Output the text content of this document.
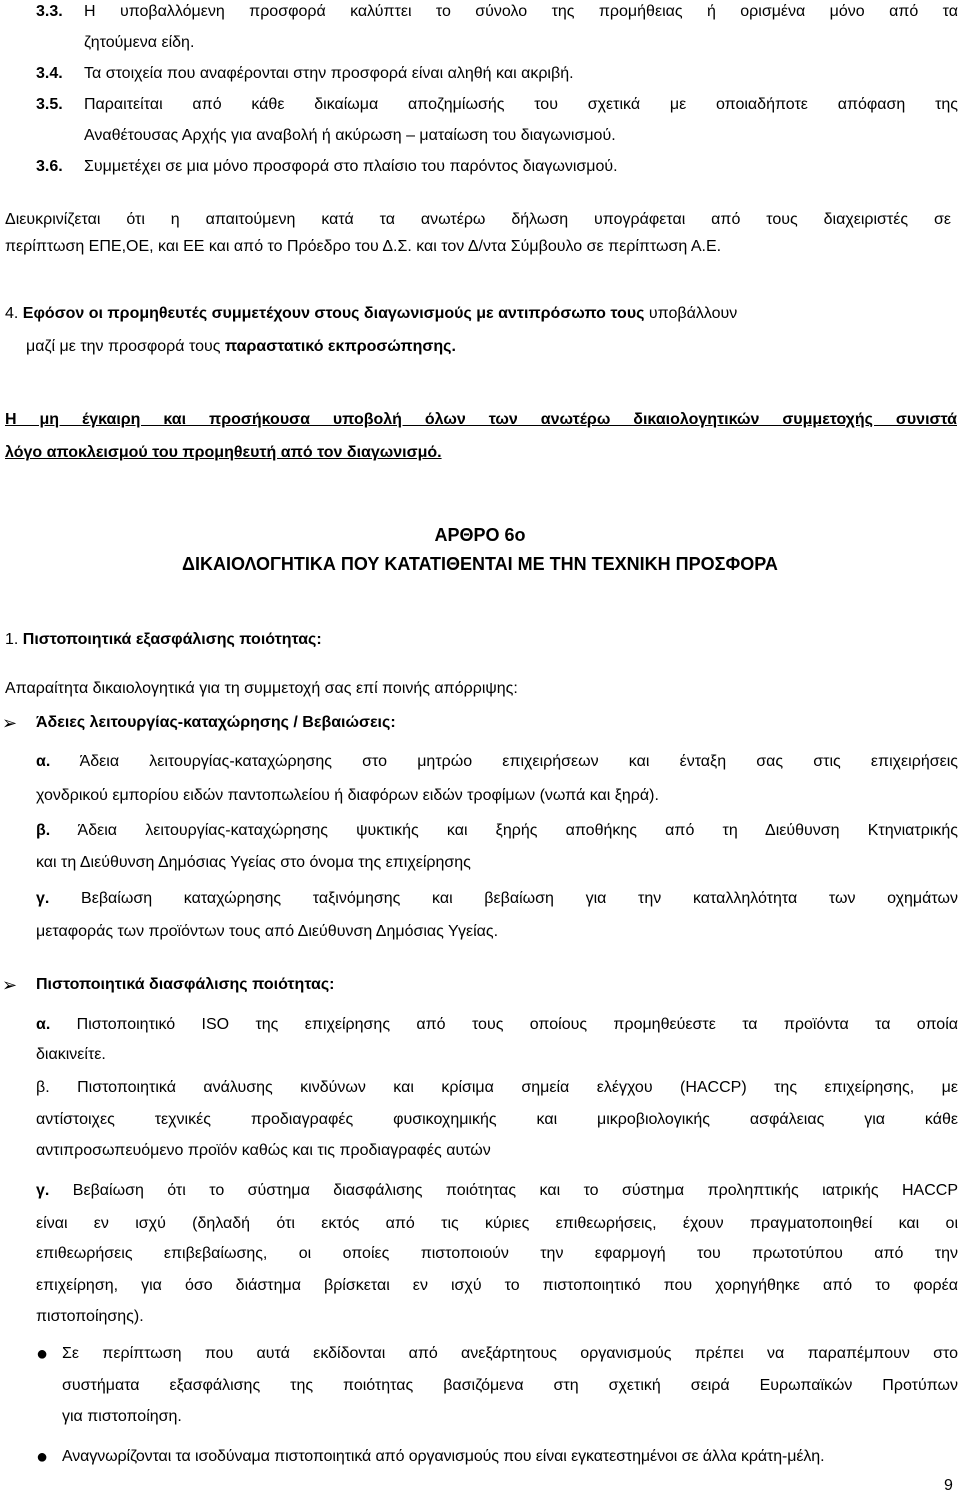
3.3. Η υποβαλλόμενη προσφορά καλύπτει το σύνολο της προμήθειας ή ορισμένα μόνο από τα
ζητούμενα είδη.
3.4. Τα στοιχεία που αναφέρονται στην προσφορά είναι αληθή και ακριβή.
3.5. Παραιτείται από κάθε δικαίωμα αποζημίωσής του σχετικά με οποιαδήποτε απόφαση της
Αναθέτουσας Αρχής για αναβολή ή ακύρωση – ματαίωση του διαγωνισμού.
3.6. Συμμετέχει σε μια μόνο προσφορά στο πλαίσιο του παρόντος διαγωνισμού.
Διευκρινίζεται ότι η απαιτούμενη κατά τα ανωτέρω δήλωση υπογράφεται από τους διαχειριστές σε
περίπτωση ΕΠΕ,ΟΕ, και ΕΕ και από το Πρόεδρο του Δ.Σ. και τον Δ/ντα Σύμβουλο σε περίπτωση Α.Ε.
4. Εφόσον οι προμηθευτές συμμετέχουν στους διαγωνισμούς με αντιπρόσωπο τους υποβάλλουν
μαζί με την προσφορά τους παραστατικό εκπροσώπησης.
Η μη έγκαιρη και προσήκουσα υποβολή όλων των ανωτέρω δικαιολογητικών συμμετοχής συνιστά
λόγο αποκλεισμού του προμηθευτή από τον διαγωνισμό.
ΑΡΘΡΟ 6ο
ΔΙΚΑΙΟΛΟΓΗΤΙΚΑ ΠΟΥ ΚΑΤΑΤΙΘΕΝΤΑΙ ΜΕ ΤΗΝ ΤΕΧΝΙΚΗ ΠΡΟΣΦΟΡΑ
1. Πιστοποιητικά εξασφάλισης ποιότητας:
Απαραίτητα δικαιολογητικά για τη συμμετοχή σας επί ποινής απόρριψης:
➢ Άδειες λειτουργίας-καταχώρησης / Βεβαιώσεις:
α. Άδεια λειτουργίας-καταχώρησης στο μητρώο επιχειρήσεων και ένταξη σας στις επιχειρήσεις
χονδρικού εμπορίου ειδών παντοπωλείου ή διαφόρων ειδών τροφίμων (νωπά και ξηρά).
β. Άδεια λειτουργίας-καταχώρησης ψυκτικής και ξηρής αποθήκης από τη Διεύθυνση Κτηνιατρικής
και τη Διεύθυνση Δημόσιας Υγείας στο όνομα της επιχείρησης
γ. Βεβαίωση καταχώρησης ταξινόμησης και βεβαίωση για την καταλληλότητα των οχημάτων
μεταφοράς των προϊόντων τους από Διεύθυνση Δημόσιας Υγείας.
➢ Πιστοποιητικά διασφάλισης ποιότητας:
α. Πιστοποιητικό ISO της επιχείρησης από τους οποίους προμηθεύεστε τα προϊόντα τα οποία
διακινείτε.
β. Πιστοποιητικά ανάλυσης κινδύνων και κρίσιμα σημεία ελέγχου (HACCP) της επιχείρησης, με
αντίστοιχες τεχνικές προδιαγραφές φυσικοχημικής και μικροβιολογικής ασφάλειας για κάθε
αντιπροσωπευόμενο προϊόν καθώς και τις προδιαγραφές αυτών
γ. Βεβαίωση ότι το σύστημα διασφάλισης ποιότητας και το σύστημα προληπτικής ιατρικής HACCP
είναι εν ισχύ (δηλαδή ότι εκτός από τις κύριες επιθεωρήσεις, έχουν πραγματοποιηθεί και οι
επιθεωρήσεις επιβεβαίωσης, οι οποίες πιστοποιούν την εφαρμογή του πρωτοτύπου από την
επιχείρηση, για όσο διάστημα βρίσκεται εν ισχύ το πιστοποιητικό που χορηγήθηκε από το φορέα
πιστοποίησης).
● Σε περίπτωση που αυτά εκδίδονται από ανεξάρτητους οργανισμούς πρέπει να παραπέμπουν στο
συστήματα εξασφάλισης της ποιότητας βασιζόμενα στη σχετική σειρά Ευρωπαϊκών Προτύπων
για πιστοποίηση.
● Αναγνωρίζονται τα ισοδύναμα πιστοποιητικά από οργανισμούς που είναι εγκατεστημένοι σε άλλα κράτη-μέλη.
9
